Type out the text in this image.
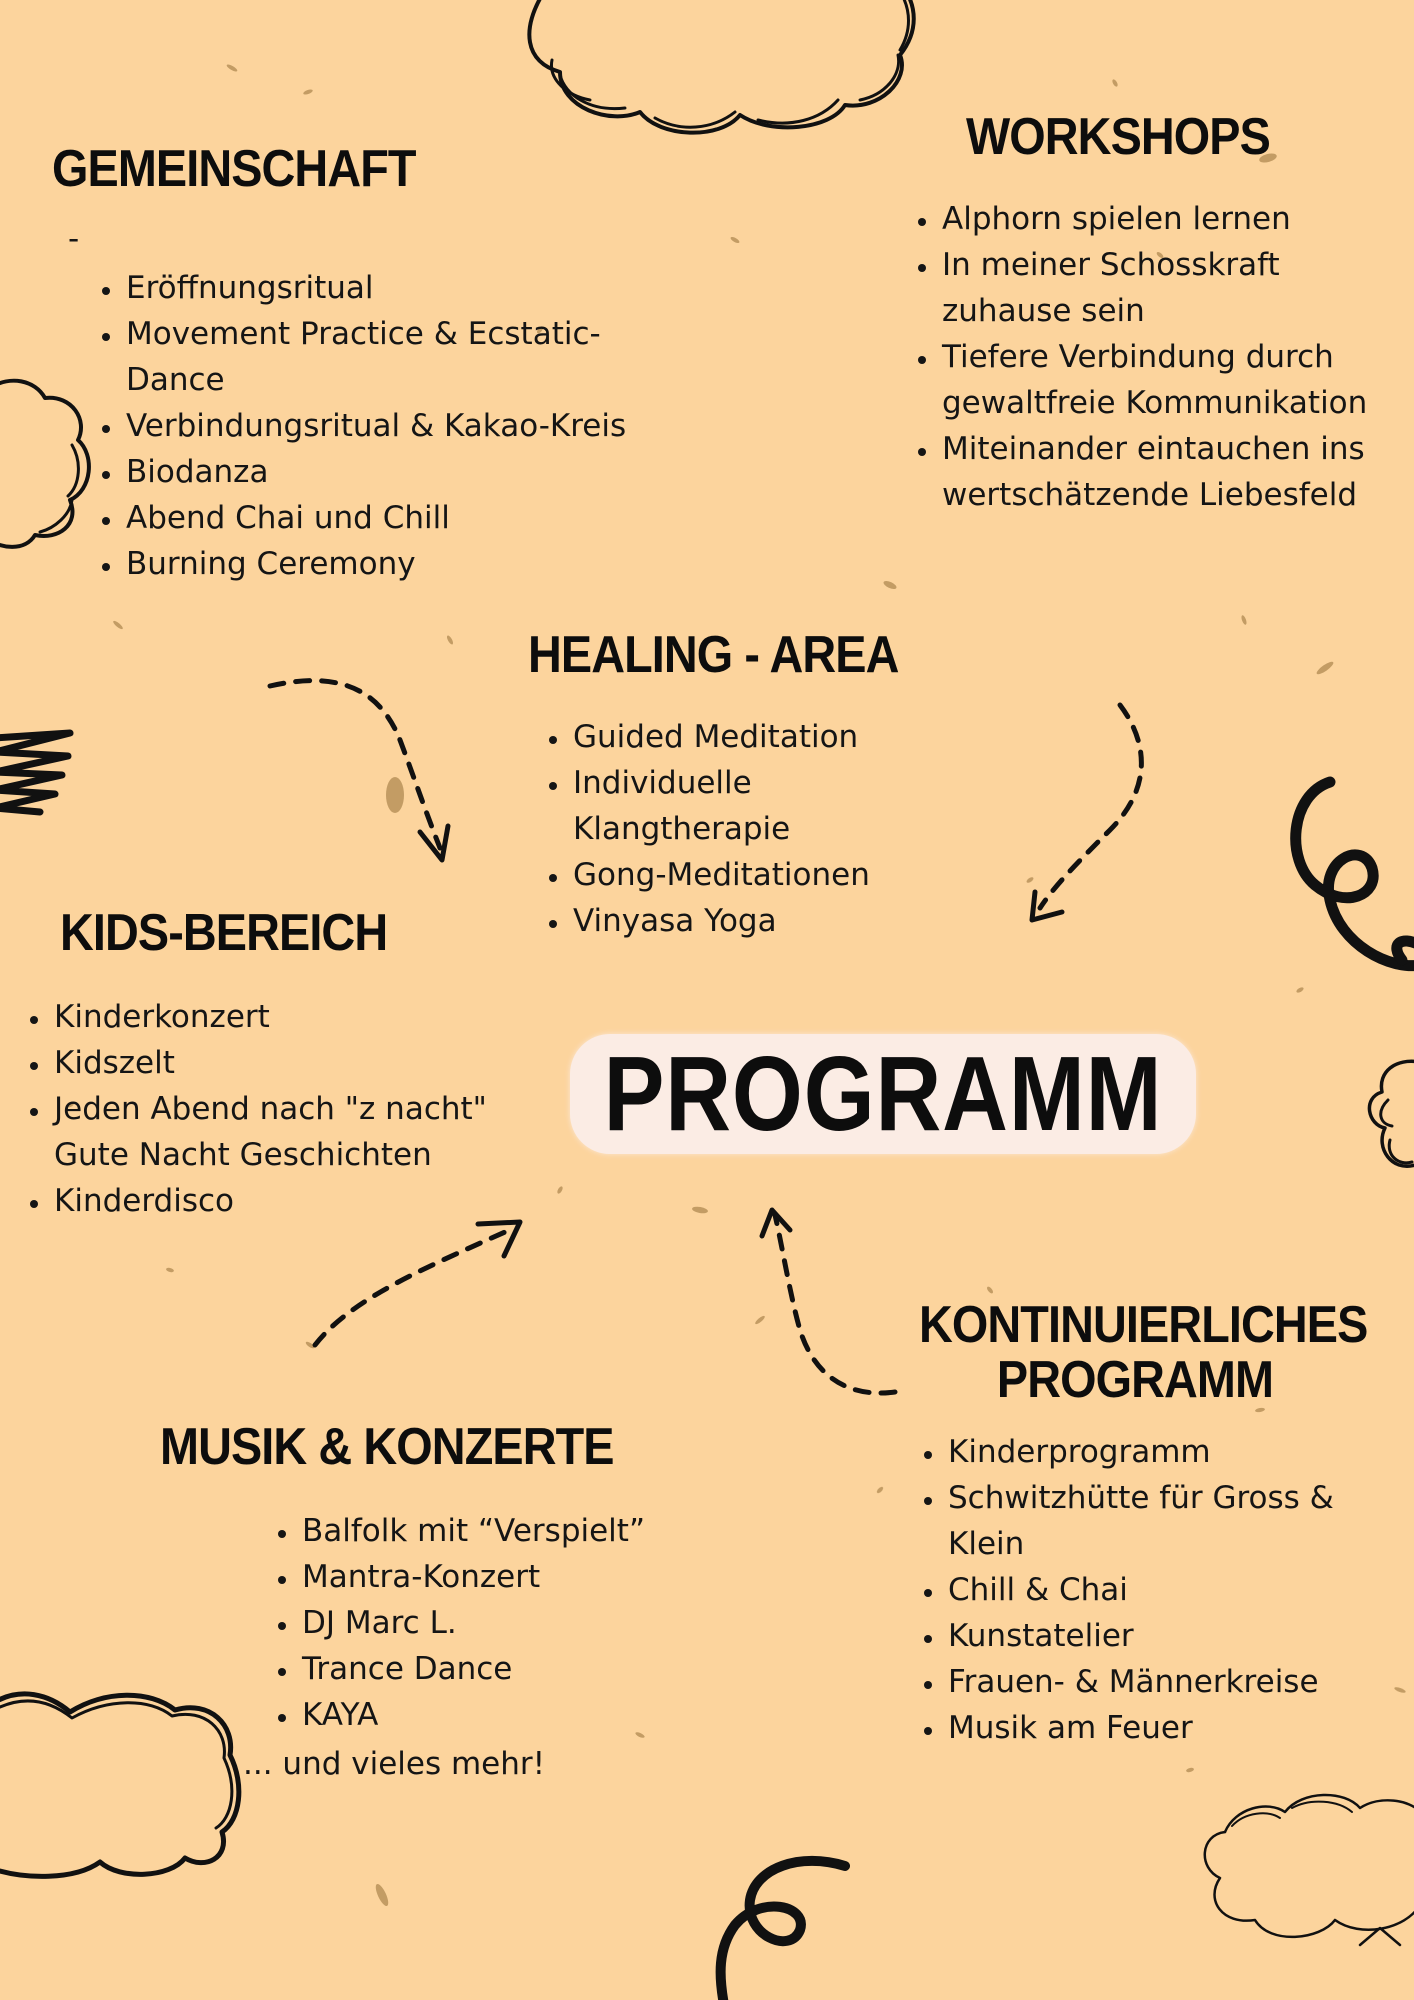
GEMEINSCHAFT

-

• Eröffnungsritual
• Movement Practice & Ecstatic-Dance
• Verbindungsritual & Kakao-Kreis
• Biodanza
• Abend Chai und Chill
• Burning Ceremony
WORKSHOPS
• Alphorn spielen lernen
• In meiner Schosskraft zuhause sein
• Tiefere Verbindung durch gewaltfreie Kommunikation
• Miteinander eintauchen ins wertschätzende Liebesfeld
HEALING - AREA
• Guided Meditation
• Individuelle Klangtherapie
• Gong-Meditationen
• Vinyasa Yoga
KIDS-BEREICH
• Kinderkonzert
• Kidszelt
• Jeden Abend nach "z nacht" Gute Nacht Geschichten
• Kinderdisco
PROGRAMM
KONTINUIERLICHES
PROGRAMM
• Kinderprogramm
• Schwitzhütte für Gross & Klein
• Chill & Chai
• Kunstatelier
• Frauen- & Männerkreise
• Musik am Feuer
MUSIK & KONZERTE
• Balfolk mit “Verspielt”
• Mantra-Konzert
• DJ Marc L.
• Trance Dance
• KAYA

... und vieles mehr!
